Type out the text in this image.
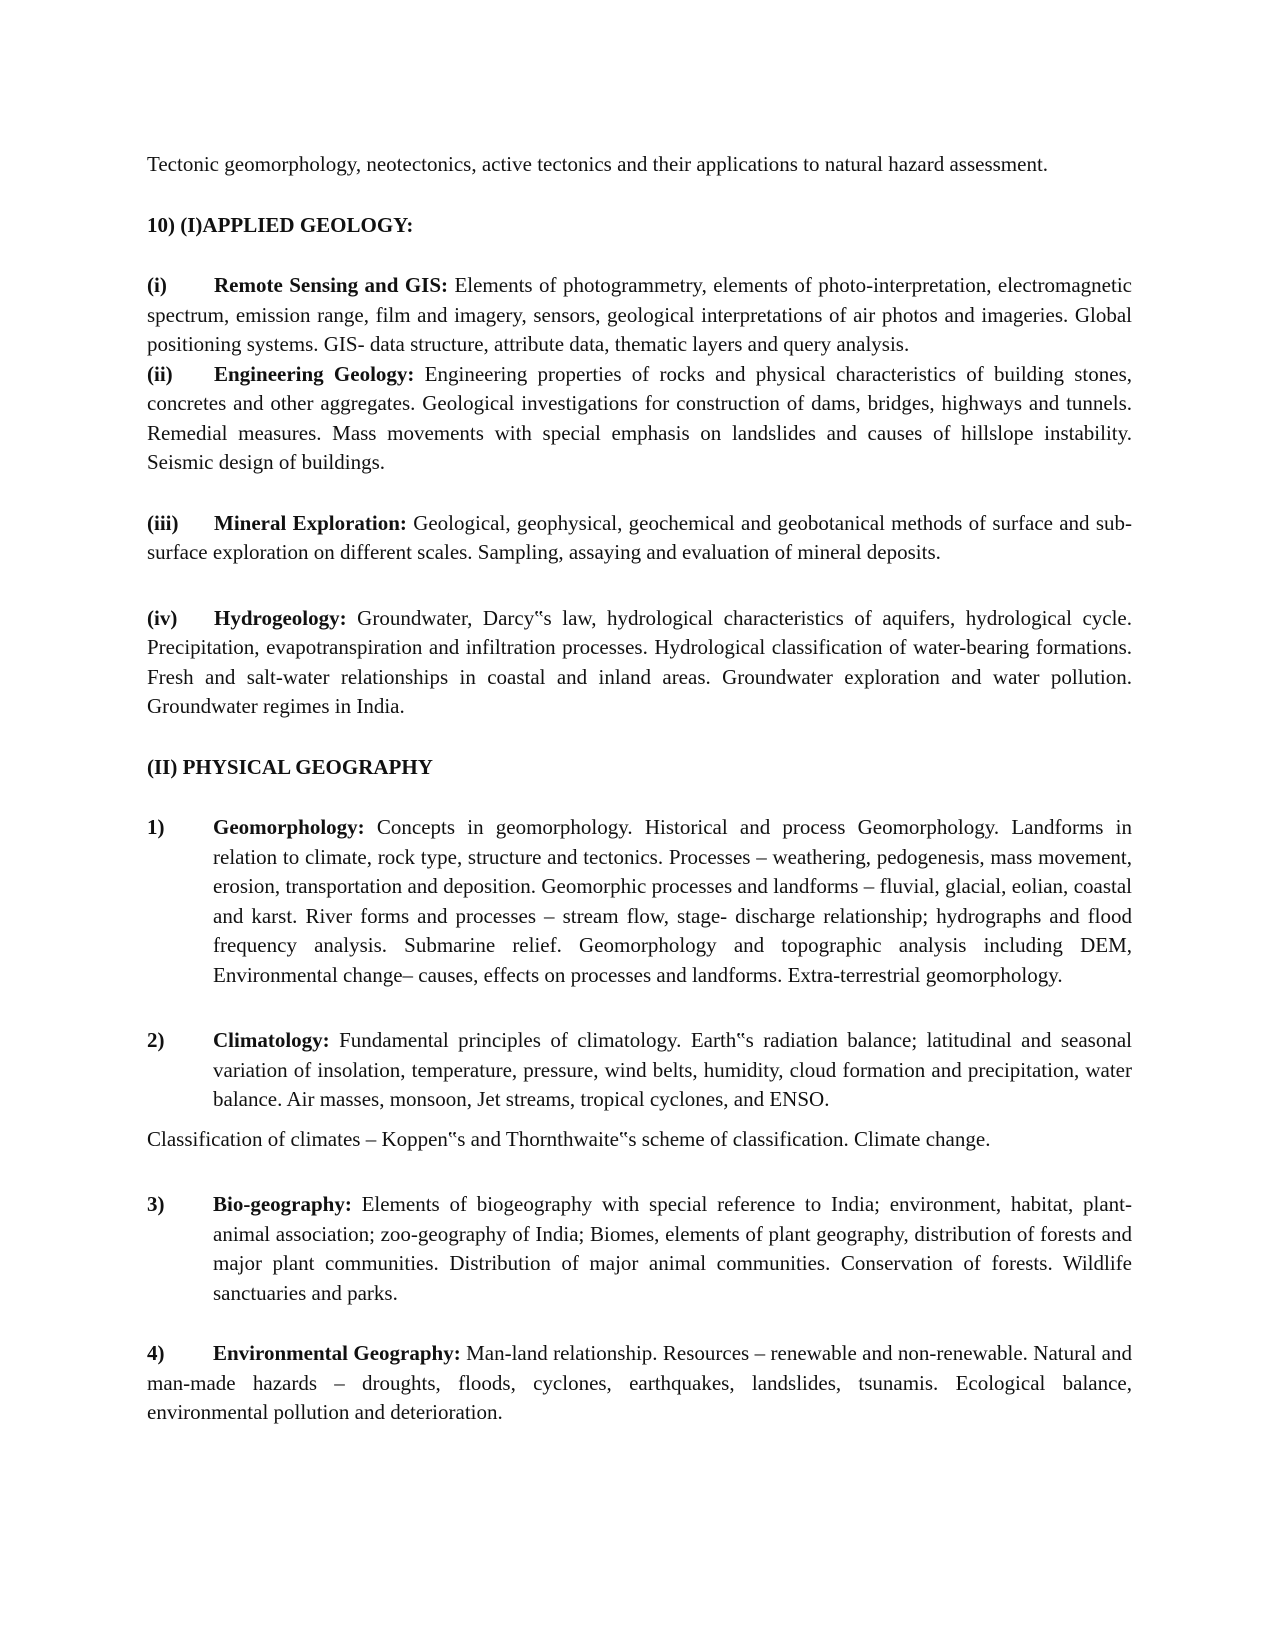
Tectonic geomorphology, neotectonics, active tectonics and their applications to natural hazard assessment.

10) (I)APPLIED GEOLOGY:

(i) Remote Sensing and GIS: Elements of photogrammetry, elements of photo-interpretation, electromagnetic spectrum, emission range, film and imagery, sensors, geological interpretations of air photos and imageries. Global positioning systems. GIS- data structure, attribute data, thematic layers and query analysis.

(ii) Engineering Geology: Engineering properties of rocks and physical characteristics of building stones, concretes and other aggregates. Geological investigations for construction of dams, bridges, highways and tunnels. Remedial measures. Mass movements with special emphasis on landslides and causes of hillslope instability. Seismic design of buildings.

(iii) Mineral Exploration: Geological, geophysical, geochemical and geobotanical methods of surface and sub-surface exploration on different scales. Sampling, assaying and evaluation of mineral deposits.

(iv) Hydrogeology: Groundwater, Darcy‟s law, hydrological characteristics of aquifers, hydrological cycle. Precipitation, evapotranspiration and infiltration processes. Hydrological classification of water-bearing formations. Fresh and salt-water relationships in coastal and inland areas. Groundwater exploration and water pollution. Groundwater regimes in India.

(II) PHYSICAL GEOGRAPHY

1) Geomorphology: Concepts in geomorphology. Historical and process Geomorphology. Landforms in relation to climate, rock type, structure and tectonics. Processes – weathering, pedogenesis, mass movement, erosion, transportation and deposition. Geomorphic processes and landforms – fluvial, glacial, eolian, coastal and karst. River forms and processes – stream flow, stage- discharge relationship; hydrographs and flood frequency analysis. Submarine relief. Geomorphology and topographic analysis including DEM, Environmental change– causes, effects on processes and landforms. Extra-terrestrial geomorphology.
2) Climatology: Fundamental principles of climatology. Earth‟s radiation balance; latitudinal and seasonal variation of insolation, temperature, pressure, wind belts, humidity, cloud formation and precipitation, water balance. Air masses, monsoon, Jet streams, tropical cyclones, and ENSO.

Classification of climates – Koppen‟s and Thornthwaite‟s scheme of classification. Climate change.

3) Bio-geography: Elements of biogeography with special reference to India; environment, habitat, plant-animal association; zoo-geography of India; Biomes, elements of plant geography, distribution of forests and major plant communities. Distribution of major animal communities. Conservation of forests. Wildlife sanctuaries and parks.

4) Environmental Geography: Man-land relationship. Resources – renewable and non-renewable. Natural and man-made hazards – droughts, floods, cyclones, earthquakes, landslides, tsunamis. Ecological balance, environmental pollution and deterioration.
